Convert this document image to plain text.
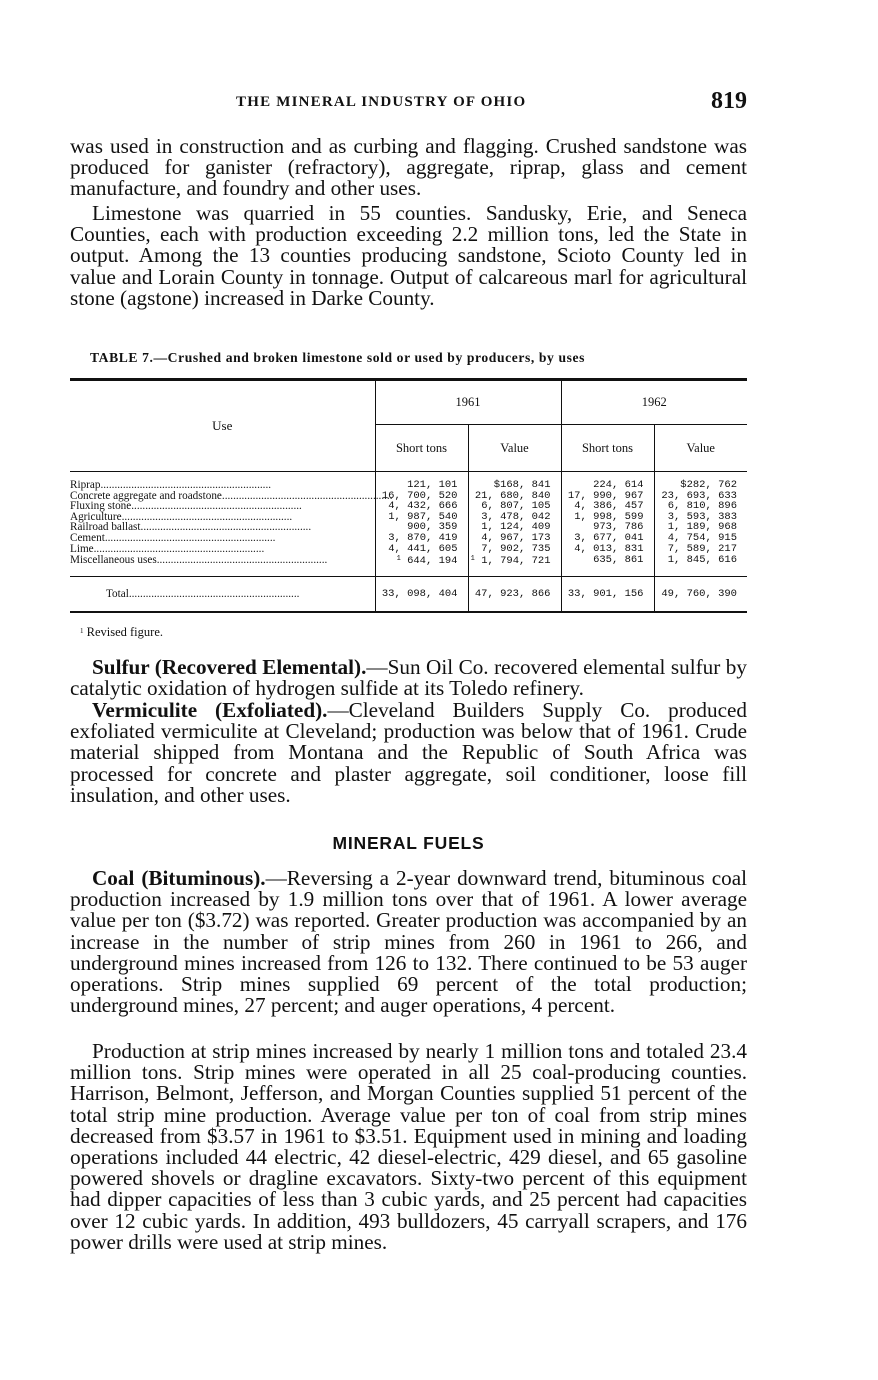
THE MINERAL INDUSTRY OF OHIO	819

was used in construction and as curbing and flagging. Crushed sandstone was produced for ganister (refractory), aggregate, riprap, glass and cement manufacture, and foundry and other uses.

Limestone was quarried in 55 counties. Sandusky, Erie, and Seneca Counties, each with production exceeding 2.2 million tons, led the State in output. Among the 13 counties producing sandstone, Scioto County led in value and Lorain County in tonnage. Output of calcareous marl for agricultural stone (agstone) increased in Darke County.

TABLE 7.—Crushed and broken limestone sold or used by producers, by uses
Use	1961		1962	
	Short tons	Value	Short tons	Value
Riprap.............................................................	121, 101	$168, 841	224, 614	$282, 762
Concrete aggregate and roadstone.............................................................	16, 700, 520	21, 680, 840	17, 990, 967	23, 693, 633
Fluxing stone.............................................................	4, 432, 666	6, 807, 105	4, 386, 457	6, 810, 896
Agriculture.............................................................	1, 987, 540	3, 478, 042	1, 998, 599	3, 593, 383
Railroad ballast.............................................................	900, 359	1, 124, 409	973, 786	1, 189, 968
Cement.............................................................	3, 870, 419	4, 967, 173	3, 677, 041	4, 754, 915
Lime.............................................................	4, 441, 605	7, 902, 735	4, 013, 831	7, 589, 217
Miscellaneous uses.............................................................	$^1$ 644, 194	$^1$ 1, 794, 721	635, 861	1, 845, 616
Total.............................................................	33, 098, 404	47, 923, 866	33, 901, 156	49, 760, 390
$^1$ Revised figure.

Sulfur (Recovered Elemental).—Sun Oil Co. recovered elemental sulfur by catalytic oxidation of hydrogen sulfide at its Toledo refinery.

Vermiculite (Exfoliated).—Cleveland Builders Supply Co. produced exfoliated vermiculite at Cleveland; production was below that of 1961. Crude material shipped from Montana and the Republic of South Africa was processed for concrete and plaster aggregate, soil conditioner, loose fill insulation, and other uses.

MINERAL FUELS

Coal (Bituminous).—Reversing a 2-year downward trend, bituminous coal production increased by 1.9 million tons over that of 1961. A lower average value per ton ($3.72) was reported. Greater production was accompanied by an increase in the number of strip mines from 260 in 1961 to 266, and underground mines increased from 126 to 132. There continued to be 53 auger operations. Strip mines supplied 69 percent of the total production; underground mines, 27 percent; and auger operations, 4 percent.

Production at strip mines increased by nearly 1 million tons and totaled 23.4 million tons. Strip mines were operated in all 25 coal-producing counties. Harrison, Belmont, Jefferson, and Morgan Counties supplied 51 percent of the total strip mine production. Average value per ton of coal from strip mines decreased from $3.57 in 1961 to $3.51. Equipment used in mining and loading operations included 44 electric, 42 diesel-electric, 429 diesel, and 65 gasoline powered shovels or dragline excavators. Sixty-two percent of this equipment had dipper capacities of less than 3 cubic yards, and 25 percent had capacities over 12 cubic yards. In addition, 493 bulldozers, 45 carryall scrapers, and 176 power drills were used at strip mines.
